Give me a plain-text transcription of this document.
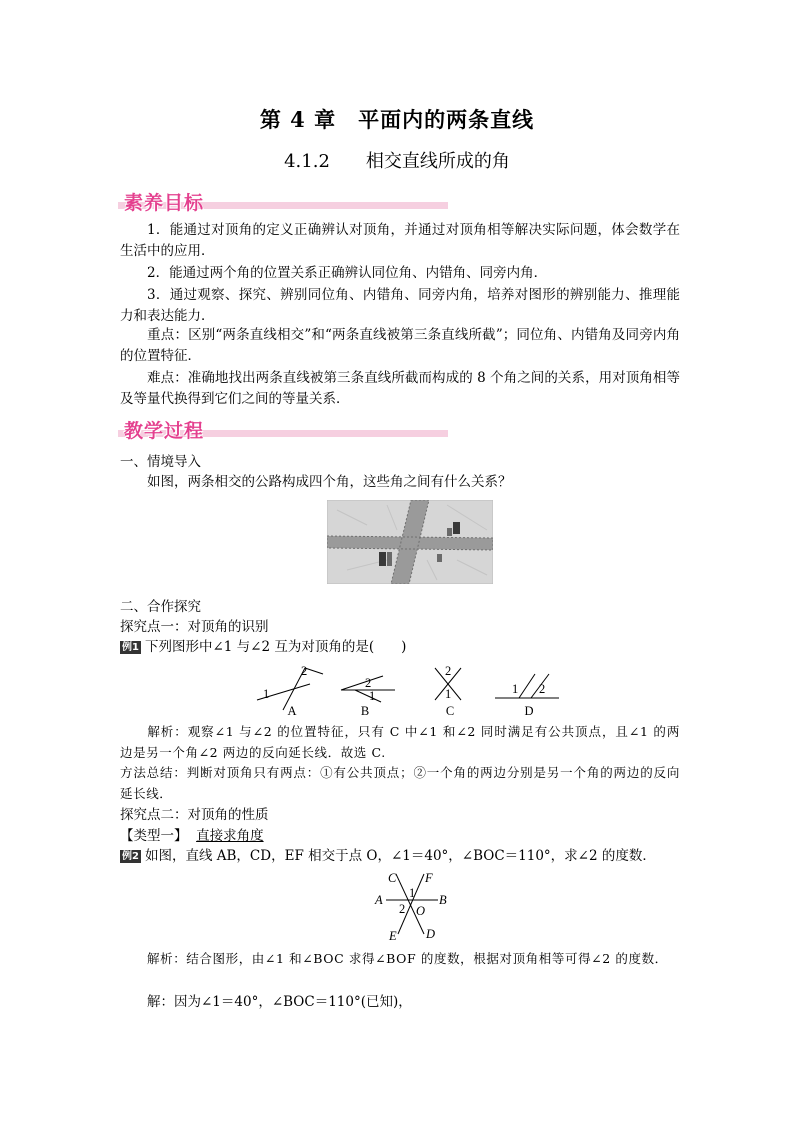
第 4 章　平面内的两条直线
4.1.2　　相交直线所成的角
素养目标
1．能通过对顶角的定义正确辨认对顶角，并通过对顶角相等解决实际问题，体会数学在生活中的应用．
2．能通过两个角的位置关系正确辨认同位角、内错角、同旁内角．
3．通过观察、探究、辨别同位角、内错角、同旁内角，培养对图形的辨别能力、推理能力和表达能力．
重点：区别“两条直线相交”和“两条直线被第三条直线所截”；同位角、内错角及同旁内角的位置特征．
难点：准确地找出两条直线被第三条直线所截而构成的 8 个角之间的关系，用对顶角相等及等量代换得到它们之间的等量关系．
教学过程
一、情境导入
如图，两条相交的公路构成四个角，这些角之间有什么关系？
二、合作探究
探究点一：对顶角的识别
例1 下列图形中∠1 与∠2 互为对顶角的是(　　)
1
2
2
1
2
1	1 2
A	B	C	D
解析：观察∠1 与∠2 的位置特征，只有 C 中∠1 和∠2 同时满足有公共顶点，且∠1 的两边是另一个角∠2 两边的反向延长线．故选 C.
方法总结：判断对顶角只有两点：①有公共顶点；②一个角的两边分别是另一个角的两边的反向延长线．
探究点二：对顶角的性质
【类型一】 直接求角度
例2 如图，直线 AB，CD，EF 相交于点 O，∠1＝40°，∠BOC＝110°，求∠2 的度数．
C F
A	B
1
2 O
E D
解析：结合图形，由∠1 和∠BOC 求得∠BOF 的度数，根据对顶角相等可得∠2 的度数．
解：因为∠1＝40°，∠BOC＝110°(已知)，
